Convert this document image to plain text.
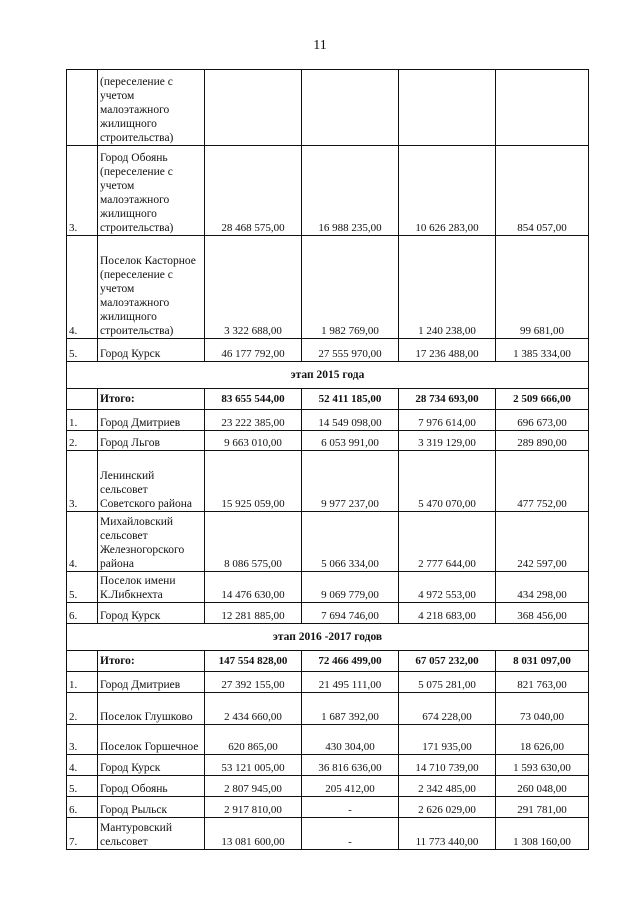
11
	(переселение с учетом малоэтажного жилищного строительства)				
3.	Город Обоянь (переселение с учетом малоэтажного жилищного строительства)	28 468 575,00	16 988 235,00	10 626 283,00	854 057,00
4.	Поселок Касторное (переселение с учетом малоэтажного жилищного строительства)	3 322 688,00	1 982 769,00	1 240 238,00	99 681,00
5.	Город Курск	46 177 792,00	27 555 970,00	17 236 488,00	1 385 334,00
этап 2015 года					
	Итого:	83 655 544,00	52 411 185,00	28 734 693,00	2 509 666,00
1.	Город Дмитриев	23 222 385,00	14 549 098,00	7 976 614,00	696 673,00
2.	Город Льгов	9 663 010,00	6 053 991,00	3 319 129,00	289 890,00
3.	Ленинский сельсовет Советского района	15 925 059,00	9 977 237,00	5 470 070,00	477 752,00
4.	Михайловский сельсовет Железногорского района	8 086 575,00	5 066 334,00	2 777 644,00	242 597,00
5.	Поселок имени К.Либкнехта	14 476 630,00	9 069 779,00	4 972 553,00	434 298,00
6.	Город Курск	12 281 885,00	7 694 746,00	4 218 683,00	368 456,00
этап 2016 -2017 годов					
	Итого:	147 554 828,00	72 466 499,00	67 057 232,00	8 031 097,00
1.	Город Дмитриев	27 392 155,00	21 495 111,00	5 075 281,00	821 763,00
2.	Поселок Глушково	2 434 660,00	1 687 392,00	674 228,00	73 040,00
3.	Поселок Горшечное	620 865,00	430 304,00	171 935,00	18 626,00
4.	Город Курск	53 121 005,00	36 816 636,00	14 710 739,00	1 593 630,00
5.	Город Обоянь	2 807 945,00	205 412,00	2 342 485,00	260 048,00
6.	Город Рыльск	2 917 810,00	-	2 626 029,00	291 781,00
7.	Мантуровский сельсовет	13 081 600,00	-	11 773 440,00	1 308 160,00
